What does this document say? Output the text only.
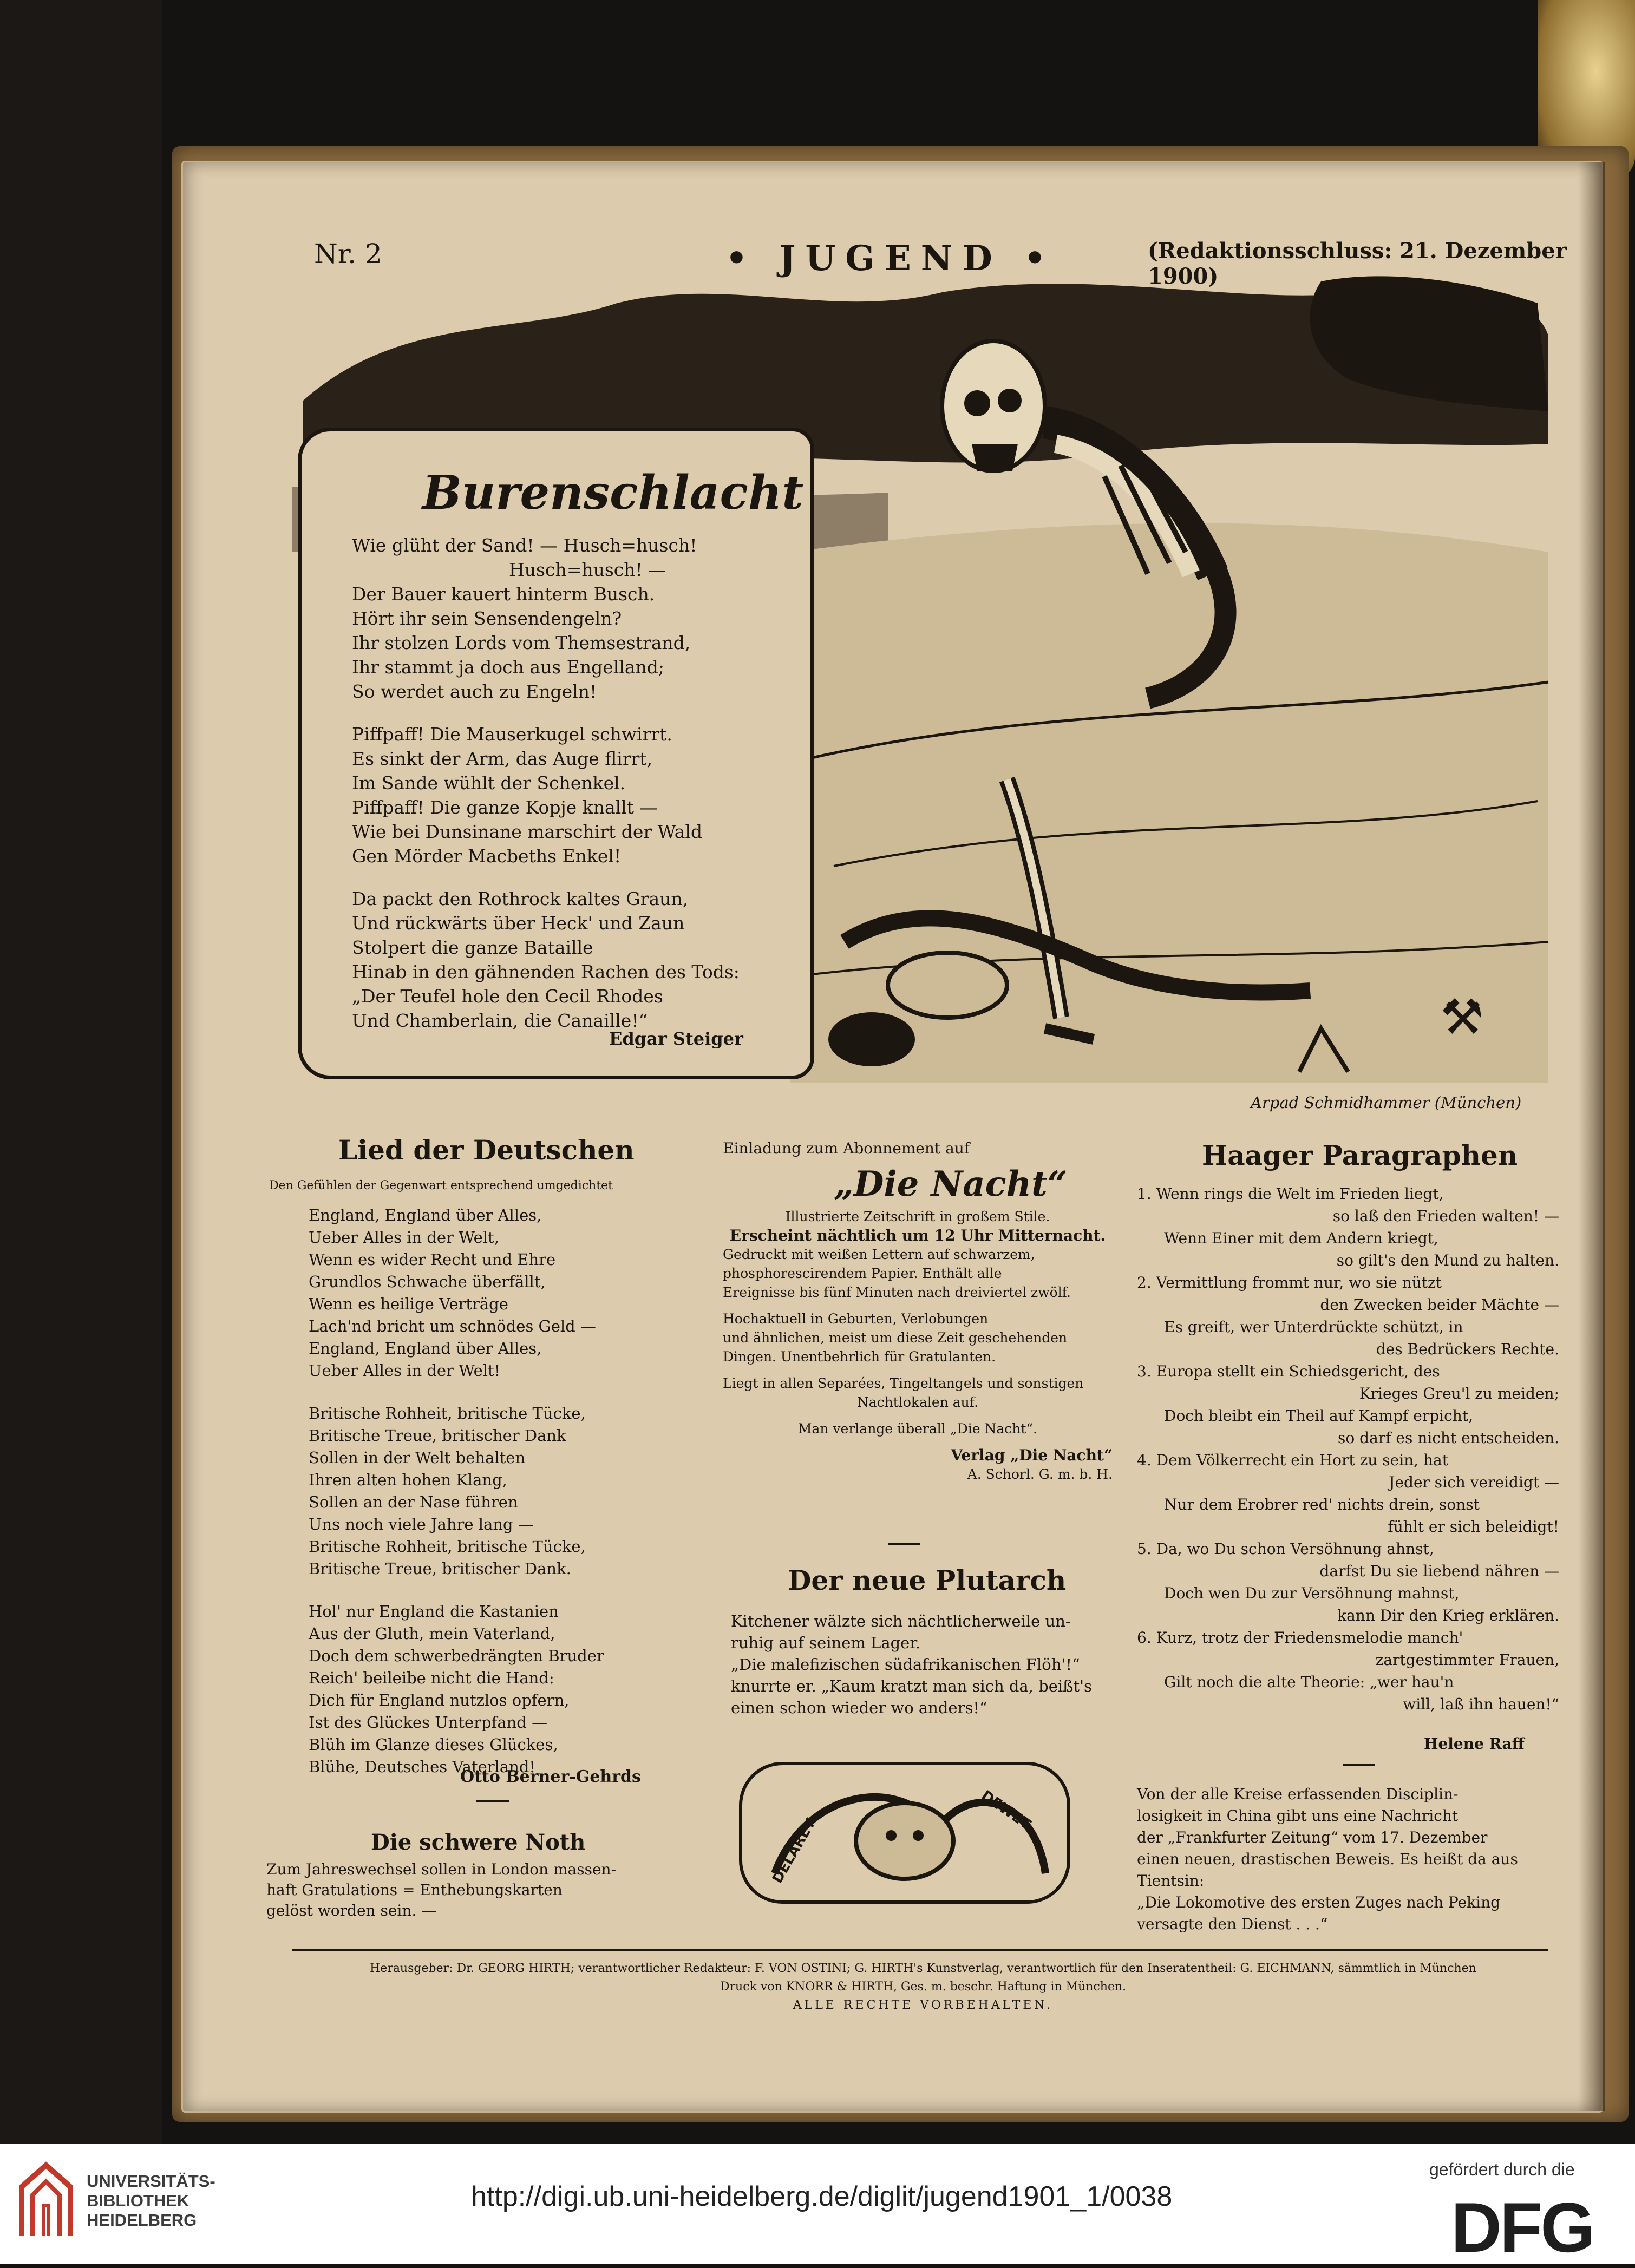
Nr. 2	• JUGEND •	(Redaktionsschluss: 21. Dezember 1900)
⚒
Burenschlacht
Wie glüht der Sand! — Husch=husch!
Husch=husch! —
Der Bauer kauert hinterm Busch.
Hört ihr sein Sensendengeln?
Ihr stolzen Lords vom Themsestrand,
Ihr stammt ja doch aus Engelland;
So werdet auch zu Engeln!
Piffpaff! Die Mauserkugel schwirrt.
Es sinkt der Arm, das Auge flirrt,
Im Sande wühlt der Schenkel.
Piffpaff! Die ganze Kopje knallt —
Wie bei Dunsinane marschirt der Wald
Gen Mörder Macbeths Enkel!
Da packt den Rothrock kaltes Graun,
Und rückwärts über Heck' und Zaun
Stolpert die ganze Bataille
Hinab in den gähnenden Rachen des Tods:
„Der Teufel hole den Cecil Rhodes
Und Chamberlain, die Canaille!“
Edgar Steiger
Arpad Schmidhammer (München)
Lied der Deutschen
Den Gefühlen der Gegenwart entsprechend umgedichtet
England, England über Alles,
Ueber Alles in der Welt,
Wenn es wider Recht und Ehre
Grundlos Schwache überfällt,
Wenn es heilige Verträge
Lach'nd bricht um schnödes Geld —
England, England über Alles,
Ueber Alles in der Welt!
Britische Rohheit, britische Tücke,
Britische Treue, britischer Dank
Sollen in der Welt behalten
Ihren alten hohen Klang,
Sollen an der Nase führen
Uns noch viele Jahre lang —
Britische Rohheit, britische Tücke,
Britische Treue, britischer Dank.
Hol' nur England die Kastanien
Aus der Gluth, mein Vaterland,
Doch dem schwerbedrängten Bruder
Reich' beileibe nicht die Hand:
Dich für England nutzlos opfern,
Ist des Glückes Unterpfand —
Blüh im Glanze dieses Glückes,
Blühe, Deutsches Vaterland!
Otto Berner-Gehrds
Die schwere Noth
Zum Jahreswechsel sollen in London massen-
haft Gratulations = Enthebungskarten
gelöst worden sein. —
Einladung zum Abonnement auf
„Die Nacht“
Illustrierte Zeitschrift in großem Stile.
Erscheint nächtlich um 12 Uhr Mitternacht.
Gedruckt mit weißen Lettern auf schwarzem,
phosphorescirendem Papier. Enthält alle
Ereignisse bis fünf Minuten nach dreiviertel zwölf.
Hochaktuell in Geburten, Verlobungen
und ähnlichen, meist um diese Zeit geschehenden
Dingen. Unentbehrlich für Gratulanten.
Liegt in allen Separées, Tingeltangels und sonstigen
Nachtlokalen auf.
Man verlange überall „Die Nacht“.
Verlag „Die Nacht“
A. Schorl. G. m. b. H.
Der neue Plutarch
Kitchener wälzte sich nächtlicherweile un-
ruhig auf seinem Lager.
„Die malefizischen südafrikanischen Flöh'!“
knurrte er. „Kaum kratzt man sich da, beißt's
einen schon wieder wo anders!“
DELAREY
DEWET
Haager Paragraphen
1. Wenn rings die Welt im Frieden liegt,
so laß den Frieden walten! —
Wenn Einer mit dem Andern kriegt,
so gilt's den Mund zu halten.
2. Vermittlung frommt nur, wo sie nützt
den Zwecken beider Mächte —
Es greift, wer Unterdrückte schützt, in
des Bedrückers Rechte.
3. Europa stellt ein Schiedsgericht, des
Krieges Greu'l zu meiden;
Doch bleibt ein Theil auf Kampf erpicht,
so darf es nicht entscheiden.
4. Dem Völkerrecht ein Hort zu sein, hat
Jeder sich vereidigt —
Nur dem Erobrer red' nichts drein, sonst
fühlt er sich beleidigt!
5. Da, wo Du schon Versöhnung ahnst,
darfst Du sie liebend nähren —
Doch wen Du zur Versöhnung mahnst,
kann Dir den Krieg erklären.
6. Kurz, trotz der Friedensmelodie manch'
zartgestimmter Frauen,
Gilt noch die alte Theorie: „wer hau'n
will, laß ihn hauen!“
Helene Raff
Von der alle Kreise erfassenden Disciplin-
losigkeit in China gibt uns eine Nachricht
der „Frankfurter Zeitung“ vom 17. Dezember
einen neuen, drastischen Beweis. Es heißt da aus
Tientsin:
„Die Lokomotive des ersten Zuges nach Peking
versagte den Dienst . . .“
Herausgeber: Dr. GEORG HIRTH; verantwortlicher Redakteur: F. VON OSTINI; G. HIRTH's Kunstverlag, verantwortlich für den Inseratentheil: G. EICHMANN, sämmtlich in München
Druck von KNORR & HIRTH, Ges. m. beschr. Haftung in München.
ALLE RECHTE VORBEHALTEN.
UNIVERSITÄTS-
BIBLIOTHEK
HEIDELBERG
http://digi.ub.uni-heidelberg.de/diglit/jugend1901_1/0038
gefördert durch die
DFG
